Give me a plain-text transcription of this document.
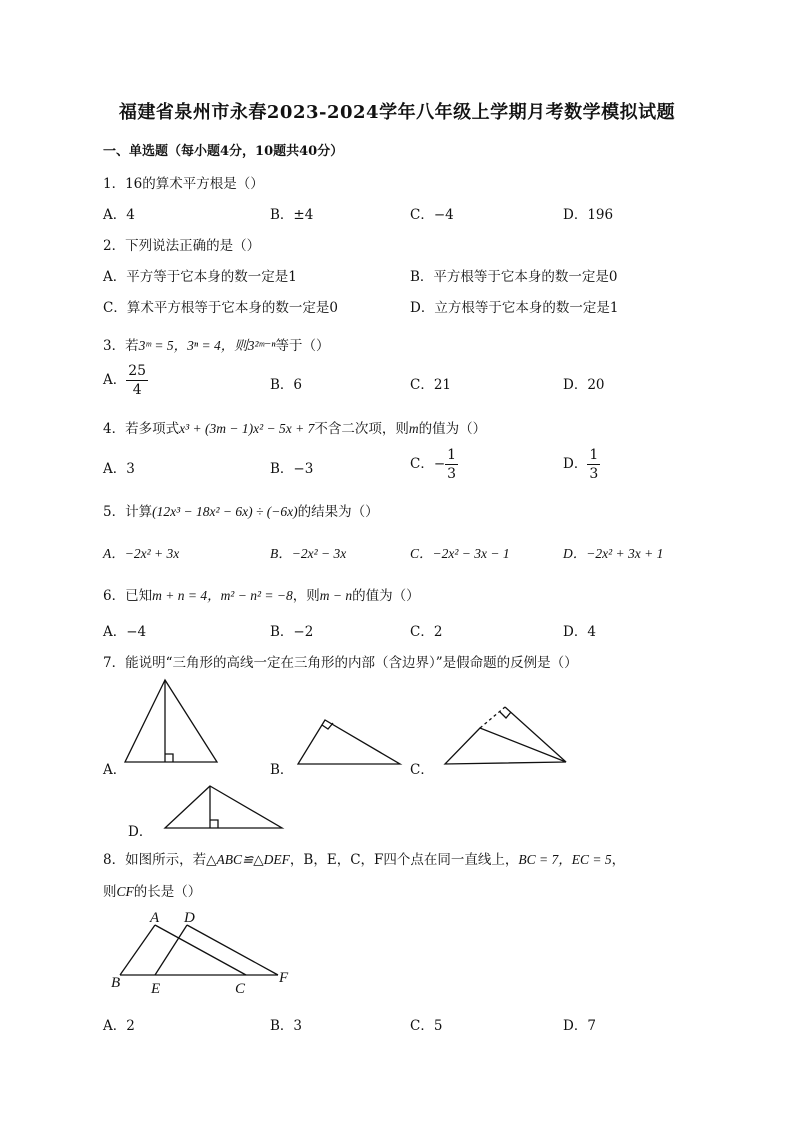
福建省泉州市永春2023-2024学年八年级上学期月考数学模拟试题
一、单选题（每小题4分，10题共40分）
1．16的算术平方根是（）
A．4	B．±4	C．−4	D．196
2．下列说法正确的是（）
A．平方等于它本身的数一定是1	B．平方根等于它本身的数一定是0
C．算术平方根等于它本身的数一定是0	D．立方根等于它本身的数一定是1
3．若3ᵐ = 5，3ⁿ = 4，则3²ᵐ⁻ⁿ等于（）
A． $\frac{25}{4}$	B．6	C．21	D．20
4．若多项式x³ + (3m − 1)x² − 5x + 7不含二次项，则m的值为（）
A．3	B．−3	C．− $\frac{1}{3}$	D． $\frac{1}{3}$
5．计算(12x³ − 18x² − 6x) ÷ (−6x)的结果为（）
A．−2x² + 3x	B．−2x² − 3x	C．−2x² − 3x − 1	D．−2x² + 3x + 1
6．已知m + n = 4，m² − n² = −8，则m − n的值为（）
A．−4	B．−2	C．2	D．4
7．能说明“三角形的高线一定在三角形的内部（含边界）”是假命题的反例是（）
A．	B．	C．
D．
A D
B E	C
F
8．如图所示，若△ABC≌△DEF，B，E，C，F四个点在同一直线上，BC = 7，EC = 5，
则CF的长是（）
A．2	B．3	C．5	D．7
